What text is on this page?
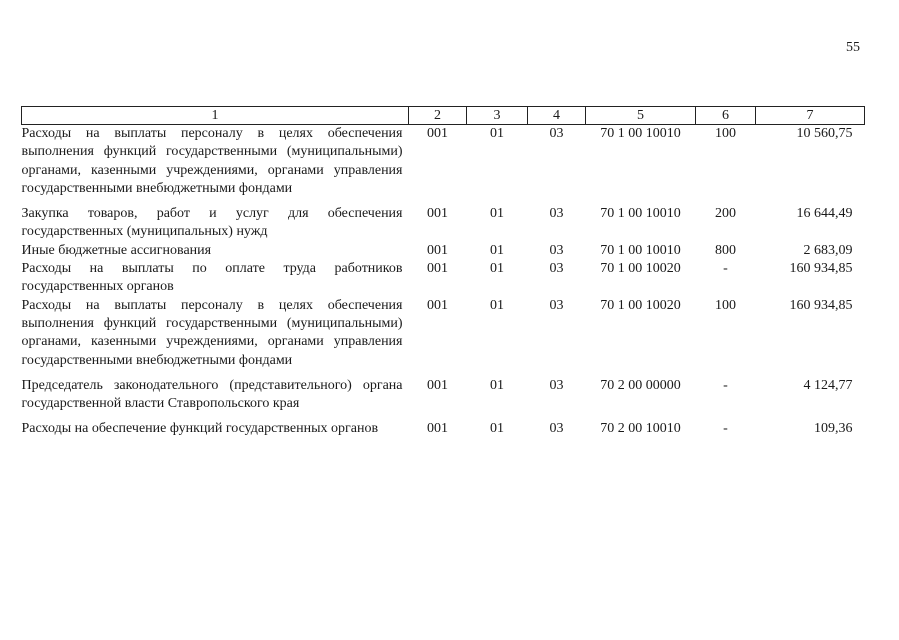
55
1	2	3	4	5	6	7
Расходы на выплаты персоналу в целях обеспечения выполнения функций государственными (муниципальными) органами, казенными учреждениями, органами управления государственными внебюджетными фондами	001	01	03	70 1 00 10010	100	10 560,75
Закупка товаров, работ и услуг для обеспечения государственных (муниципальных) нужд	001	01	03	70 1 00 10010	200	16 644,49
Иные бюджетные ассигнования	001	01	03	70 1 00 10010	800	2 683,09
Расходы на выплаты по оплате труда работников государственных органов	001	01	03	70 1 00 10020	-	160 934,85
Расходы на выплаты персоналу в целях обеспечения выполнения функций государственными (муниципальными) органами, казенными учреждениями, органами управления государственными внебюджетными фондами	001	01	03	70 1 00 10020	100	160 934,85
Председатель законодательного (представительного) органа государственной власти Ставропольского края	001	01	03	70 2 00 00000	-	4 124,77
Расходы на обеспечение функций государственных органов	001	01	03	70 2 00 10010	-	109,36
